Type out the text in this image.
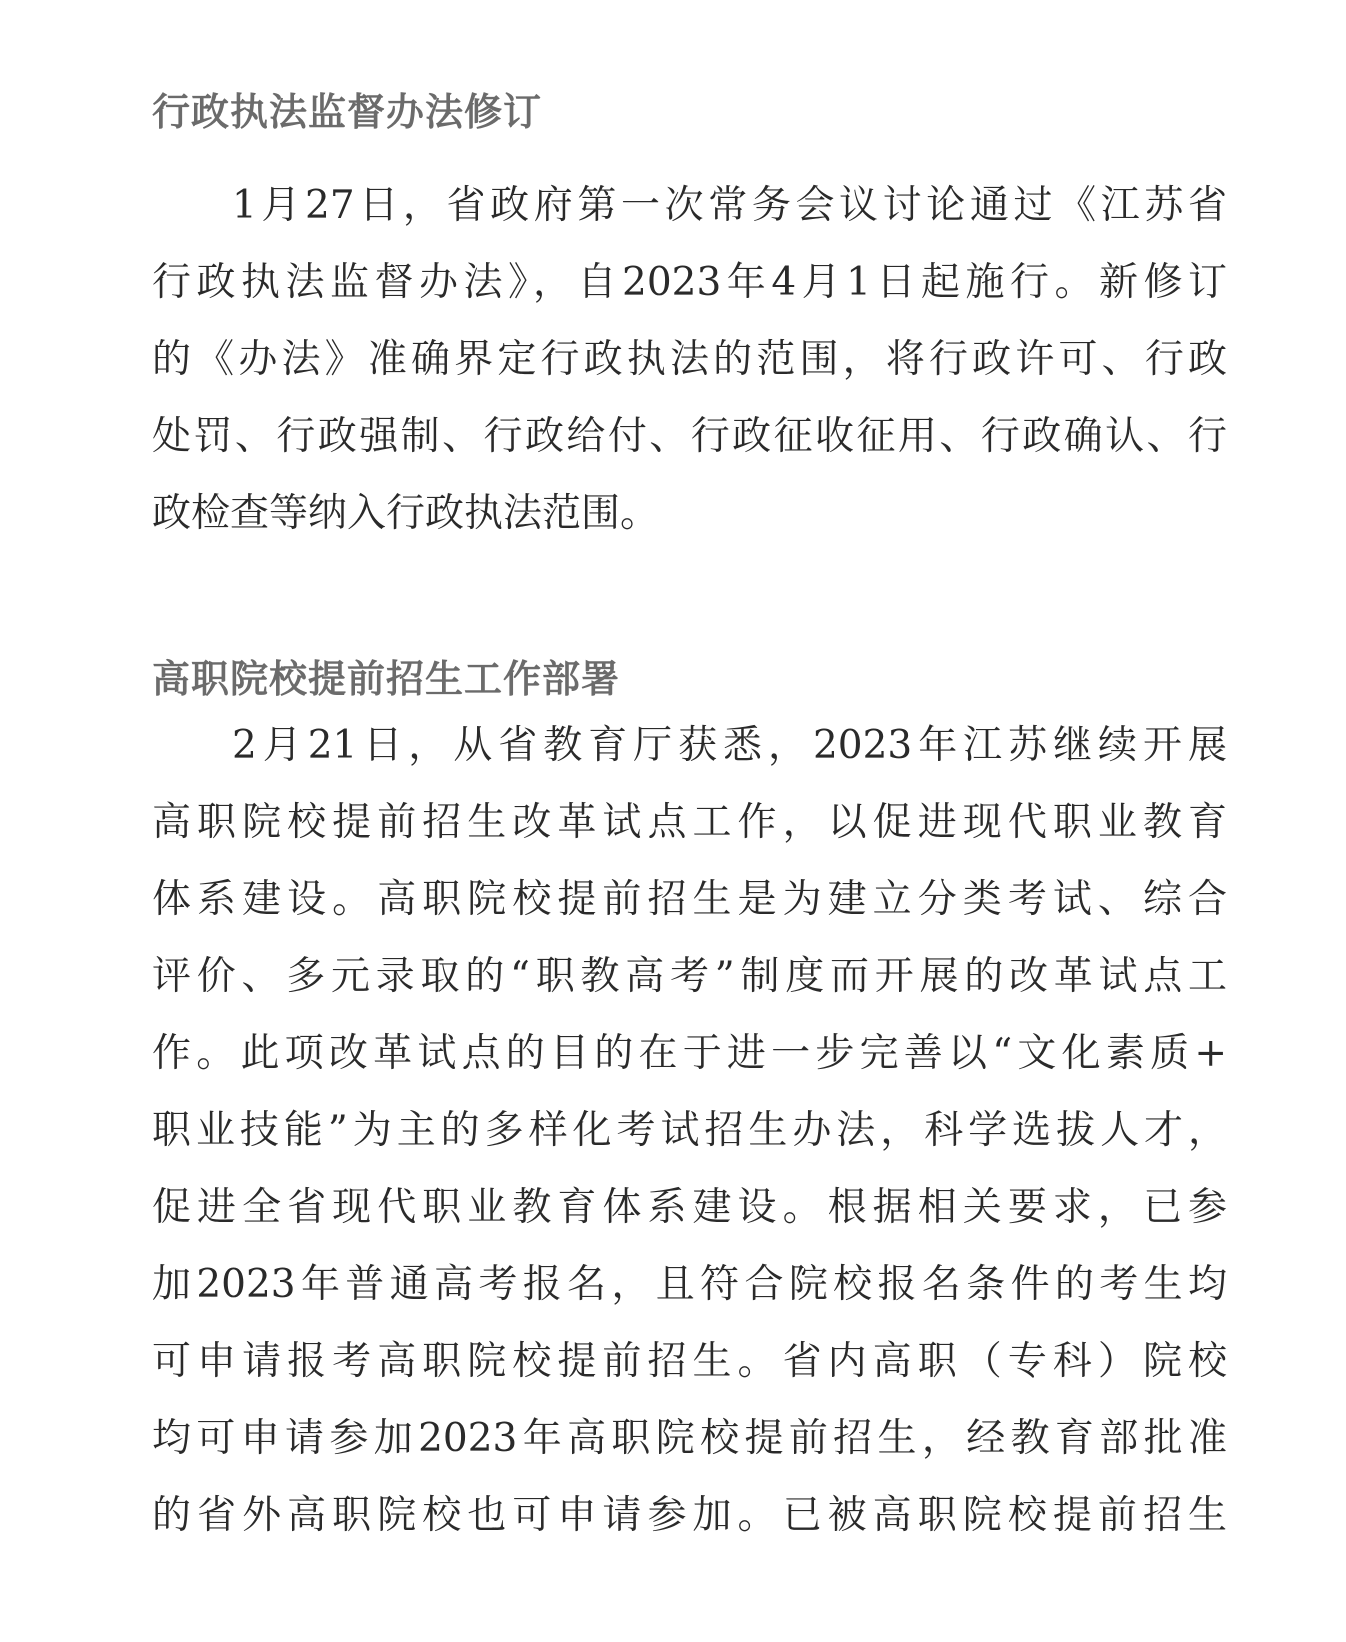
行政执法监督办法修订

1月27日，省政府第一次常务会议讨论通过《江苏省

行政执法监督办法》，自2023年4月1日起施行。新修订

的《办法》准确界定行政执法的范围，将行政许可、行政

处罚、行政强制、行政给付、行政征收征用、行政确认、行

政检查等纳入行政执法范围。

高职院校提前招生工作部署

2月21日，从省教育厅获悉，2023年江苏继续开展

高职院校提前招生改革试点工作，以促进现代职业教育

体系建设。高职院校提前招生是为建立分类考试、综合

评价、多元录取的“职教高考”制度而开展的改革试点工

作。此项改革试点的目的在于进一步完善以“文化素质+

职业技能”为主的多样化考试招生办法，科学选拔人才，

促进全省现代职业教育体系建设。根据相关要求，已参

加2023年普通高考报名，且符合院校报名条件的考生均

可申请报考高职院校提前招生。省内高职（专科）院校

均可申请参加2023年高职院校提前招生，经教育部批准

的省外高职院校也可申请参加。已被高职院校提前招生
